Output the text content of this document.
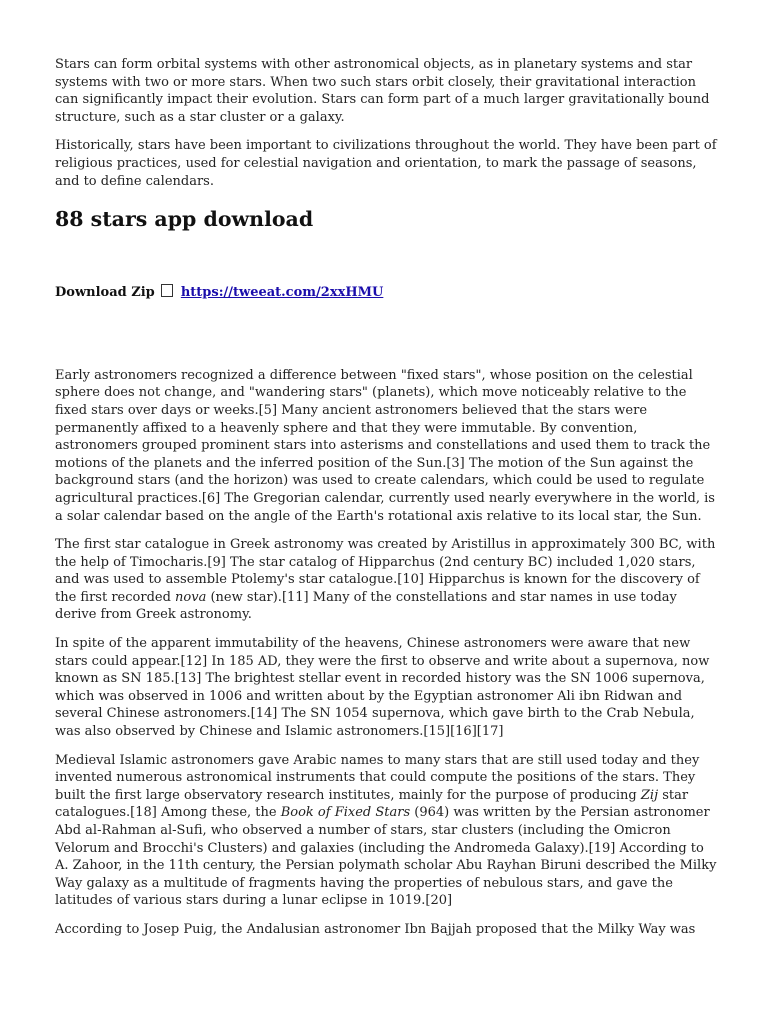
Stars can form orbital systems with other astronomical objects, as in planetary systems and star systems with two or more stars. When two such stars orbit closely, their gravitational interaction can significantly impact their evolution. Stars can form part of a much larger gravitationally bound structure, such as a star cluster or a galaxy.

Historically, stars have been important to civilizations throughout the world. They have been part of religious practices, used for celestial navigation and orientation, to mark the passage of seasons, and to define calendars.

88 stars app download
Download Zip https://tweeat.com/2xxHMU

Early astronomers recognized a difference between "fixed stars", whose position on the celestial sphere does not change, and "wandering stars" (planets), which move noticeably relative to the fixed stars over days or weeks.[5] Many ancient astronomers believed that the stars were permanently affixed to a heavenly sphere and that they were immutable. By convention, astronomers grouped prominent stars into asterisms and constellations and used them to track the motions of the planets and the inferred position of the Sun.[3] The motion of the Sun against the background stars (and the horizon) was used to create calendars, which could be used to regulate agricultural practices.[6] The Gregorian calendar, currently used nearly everywhere in the world, is a solar calendar based on the angle of the Earth's rotational axis relative to its local star, the Sun.

The first star catalogue in Greek astronomy was created by Aristillus in approximately 300 BC, with the help of Timocharis.[9] The star catalog of Hipparchus (2nd century BC) included 1,020 stars, and was used to assemble Ptolemy's star catalogue.[10] Hipparchus is known for the discovery of the first recorded nova (new star).[11] Many of the constellations and star names in use today derive from Greek astronomy.

In spite of the apparent immutability of the heavens, Chinese astronomers were aware that new stars could appear.[12] In 185 AD, they were the first to observe and write about a supernova, now known as SN 185.[13] The brightest stellar event in recorded history was the SN 1006 supernova, which was observed in 1006 and written about by the Egyptian astronomer Ali ibn Ridwan and several Chinese astronomers.[14] The SN 1054 supernova, which gave birth to the Crab Nebula, was also observed by Chinese and Islamic astronomers.[15][16][17]

Medieval Islamic astronomers gave Arabic names to many stars that are still used today and they invented numerous astronomical instruments that could compute the positions of the stars. They built the first large observatory research institutes, mainly for the purpose of producing Zij star catalogues.[18] Among these, the Book of Fixed Stars (964) was written by the Persian astronomer Abd al-Rahman al-Sufi, who observed a number of stars, star clusters (including the Omicron Velorum and Brocchi's Clusters) and galaxies (including the Andromeda Galaxy).[19] According to A. Zahoor, in the 11th century, the Persian polymath scholar Abu Rayhan Biruni described the Milky Way galaxy as a multitude of fragments having the properties of nebulous stars, and gave the latitudes of various stars during a lunar eclipse in 1019.[20]

According to Josep Puig, the Andalusian astronomer Ibn Bajjah proposed that the Milky Way was
